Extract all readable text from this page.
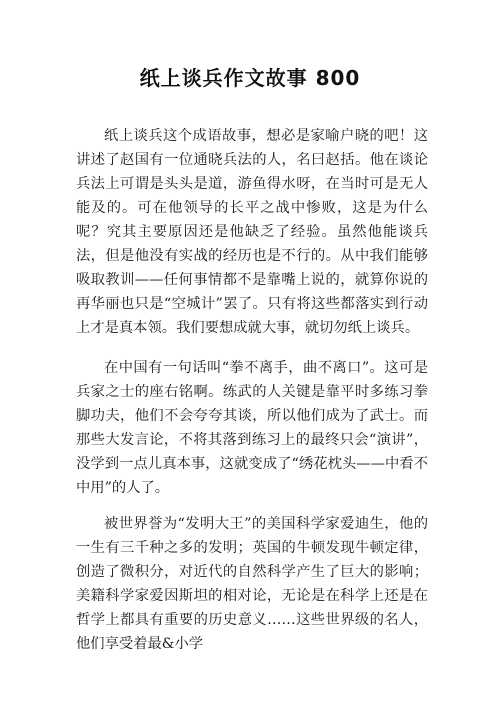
纸上谈兵作文故事 800

纸上谈兵这个成语故事，想必是家喻户晓的吧！这讲述了赵国有一位通晓兵法的人，名曰赵括。他在谈论兵法上可谓是头头是道，游鱼得水呀，在当时可是无人能及的。可在他领导的长平之战中惨败，这是为什么呢？究其主要原因还是他缺乏了经验。虽然他能谈兵法，但是他没有实战的经历也是不行的。从中我们能够吸取教训——任何事情都不是靠嘴上说的，就算你说的再华丽也只是“空城计”罢了。只有将这些都落实到行动上才是真本领。我们要想成就大事，就切勿纸上谈兵。

在中国有一句话叫“拳不离手，曲不离口”。这可是兵家之士的座右铭啊。练武的人关键是靠平时多练习拳脚功夫，他们不会夸夸其谈，所以他们成为了武士。而那些大发言论，不将其落到练习上的最终只会“演讲”，没学到一点儿真本事，这就变成了“绣花枕头——中看不中用”的人了。

被世界誉为“发明大王”的美国科学家爱迪生，他的一生有三千种之多的发明；英国的牛顿发现牛顿定律，创造了微积分，对近代的自然科学产生了巨大的影响；美籍科学家爱因斯坦的相对论，无论是在科学上还是在哲学上都具有重要的历史意义……这些世界级的名人，他们享受着最&小学
